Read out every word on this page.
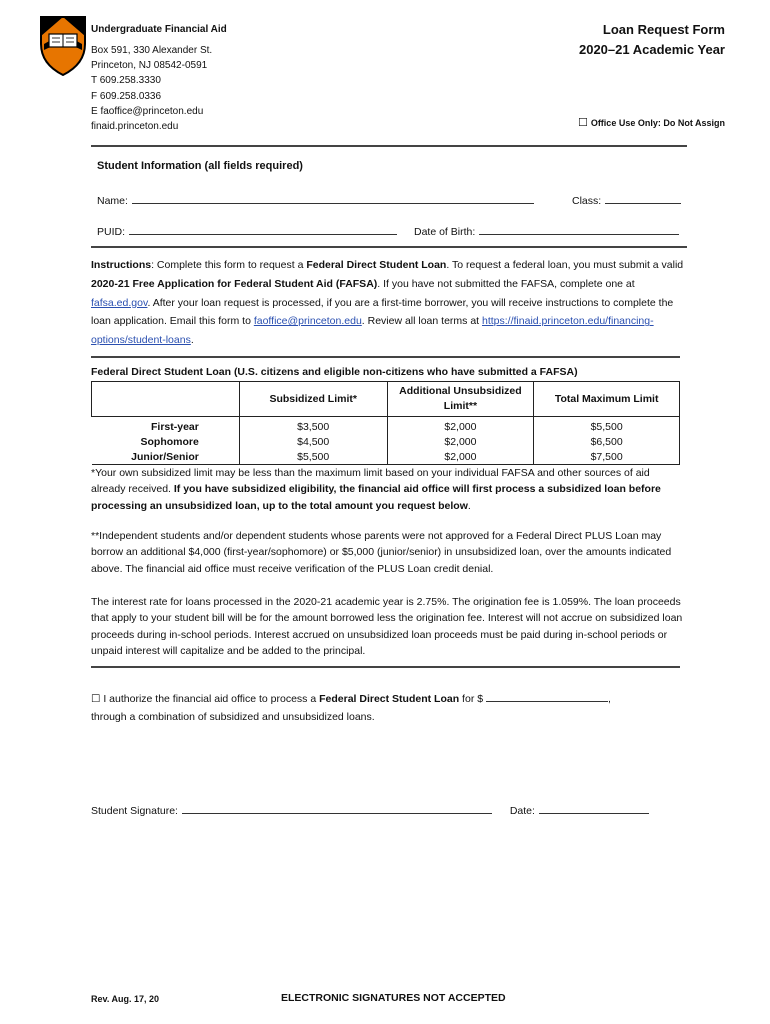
Undergraduate Financial Aid
Box 591, 330 Alexander St.
Princeton, NJ 08542-0591
T 609.258.3330
F 609.258.0336
E faoffice@princeton.edu
finaid.princeton.edu
Loan Request Form
2020–21 Academic Year
☐ Office Use Only: Do Not Assign
Student Information (all fields required)
Name:	Class:
PUID:	Date of Birth:
Instructions: Complete this form to request a Federal Direct Student Loan. To request a federal loan, you must submit a valid 2020-21 Free Application for Federal Student Aid (FAFSA). If you have not submitted the FAFSA, complete one at fafsa.ed.gov. After your loan request is processed, if you are a first-time borrower, you will receive instructions to complete the loan application. Email this form to faoffice@princeton.edu. Review all loan terms at https://finaid.princeton.edu/financing-options/student-loans.
Federal Direct Student Loan (U.S. citizens and eligible non-citizens who have submitted a FAFSA)
	Subsidized Limit*	Additional Unsubsidized Limit**	Total Maximum Limit
First-year	$3,500	$2,000	$5,500
Sophomore	$4,500	$2,000	$6,500
Junior/Senior	$5,500	$2,000	$7,500
*Your own subsidized limit may be less than the maximum limit based on your individual FAFSA and other sources of aid already received. If you have subsidized eligibility, the financial aid office will first process a subsidized loan before processing an unsubsidized loan, up to the total amount you request below.
**Independent students and/or dependent students whose parents were not approved for a Federal Direct PLUS Loan may borrow an additional $4,000 (first-year/sophomore) or $5,000 (junior/senior) in unsubsidized loan, over the amounts indicated above. The financial aid office must receive verification of the PLUS Loan credit denial.
The interest rate for loans processed in the 2020-21 academic year is 2.75%. The origination fee is 1.059%. The loan proceeds that apply to your student bill will be for the amount borrowed less the origination fee. Interest will not accrue on subsidized loan proceeds during in-school periods. Interest accrued on unsubsidized loan proceeds must be paid during in-school periods or unpaid interest will capitalize and be added to the principal.
☐ I authorize the financial aid office to process a Federal Direct Student Loan for $	,
through a combination of subsidized and unsubsidized loans.
Student Signature:	Date:
Rev. Aug. 17, 20	ELECTRONIC SIGNATURES NOT ACCEPTED
